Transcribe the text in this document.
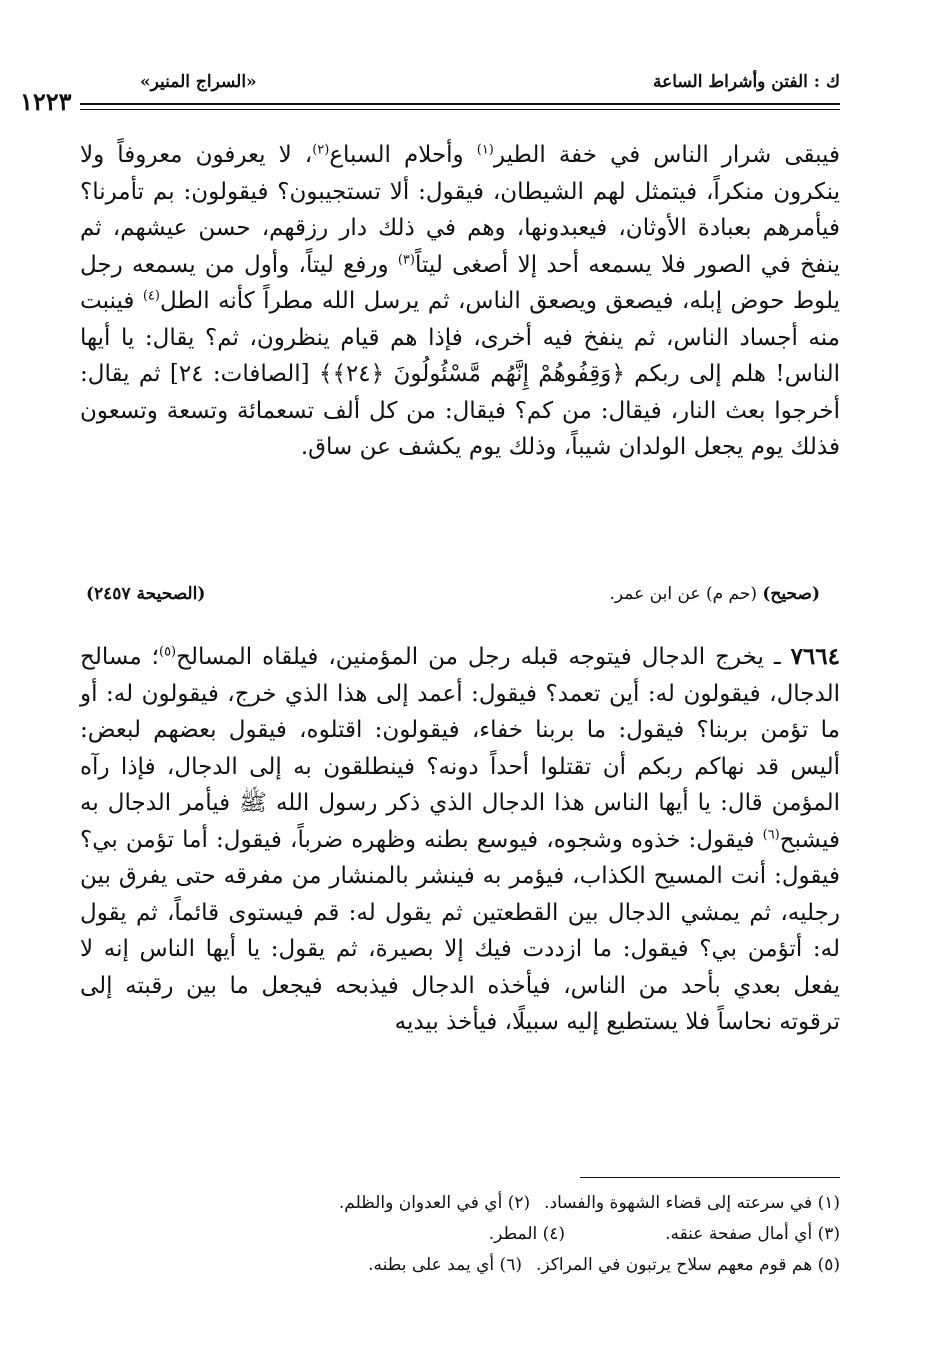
ك : الفتن وأشراط الساعة
«السراج المنير»
١٢٢٣
فيبقى شرار الناس في خفة الطير$^{(١)}$ وأحلام السباع$^{(٢)}$، لا يعرفون معروفاً ولا ينكرون منكراً، فيتمثل لهم الشيطان، فيقول: ألا تستجيبون؟ فيقولون: بم تأمرنا؟ فيأمرهم بعبادة الأوثان، فيعبدونها، وهم في ذلك دار رزقهم، حسن عيشهم، ثم ينفخ في الصور فلا يسمعه أحد إلا أصغى ليتاً$^{(٣)}$ ورفع ليتاً، وأول من يسمعه رجل يلوط حوض إبله، فيصعق ويصعق الناس، ثم يرسل الله مطراً كأنه الطل$^{(٤)}$ فينبت منه أجساد الناس، ثم ينفخ فيه أخرى، فإذا هم قيام ينظرون، ثم؟ يقال: يا أيها الناس! هلم إلى ربكم ﴿وَقِفُوهُمْ إِنَّهُم مَّسْئُولُونَ ﴿٢٤﴾﴾ [الصافات: ٢٤] ثم يقال: أخرجوا بعث النار، فيقال: من كم؟ فيقال: من كل ألف تسعمائة وتسعة وتسعون فذلك يوم يجعل الولدان شيباً، وذلك يوم يكشف عن ساق.
(صحيح) (حم م) عن ابن عمر.
(الصحيحة ٢٤٥٧)
٧٦٦٤ ـ يخرج الدجال فيتوجه قبله رجل من المؤمنين، فيلقاه المسالح$^{(٥)}$؛ مسالح الدجال، فيقولون له: أين تعمد؟ فيقول: أعمد إلى هذا الذي خرج، فيقولون له: أو ما تؤمن بربنا؟ فيقول: ما بربنا خفاء، فيقولون: اقتلوه، فيقول بعضهم لبعض: أليس قد نهاكم ربكم أن تقتلوا أحداً دونه؟ فينطلقون به إلى الدجال، فإذا رآه المؤمن قال: يا أيها الناس هذا الدجال الذي ذكر رسول الله ﷺ فيأمر الدجال به فيشبح$^{(٦)}$ فيقول: خذوه وشجوه، فيوسع بطنه وظهره ضرباً، فيقول: أما تؤمن بي؟ فيقول: أنت المسيح الكذاب، فيؤمر به فينشر بالمنشار من مفرقه حتى يفرق بين رجليه، ثم يمشي الدجال بين القطعتين ثم يقول له: قم فيستوى قائماً، ثم يقول له: أتؤمن بي؟ فيقول: ما ازددت فيك إلا بصيرة، ثم يقول: يا أيها الناس إنه لا يفعل بعدي بأحد من الناس، فيأخذه الدجال فيذبحه فيجعل ما بين رقبته إلى ترقوته نحاساً فلا يستطيع إليه سبيلًا، فيأخذ بيديه
(١) في سرعته إلى قضاء الشهوة والفساد.(٢) أي في العدوان والظلم.
(٣) أي أمال صفحة عنقه.(٤) المطر.
(٥) هم قوم معهم سلاح يرتبون في المراكز.(٦) أي يمد على بطنه.
